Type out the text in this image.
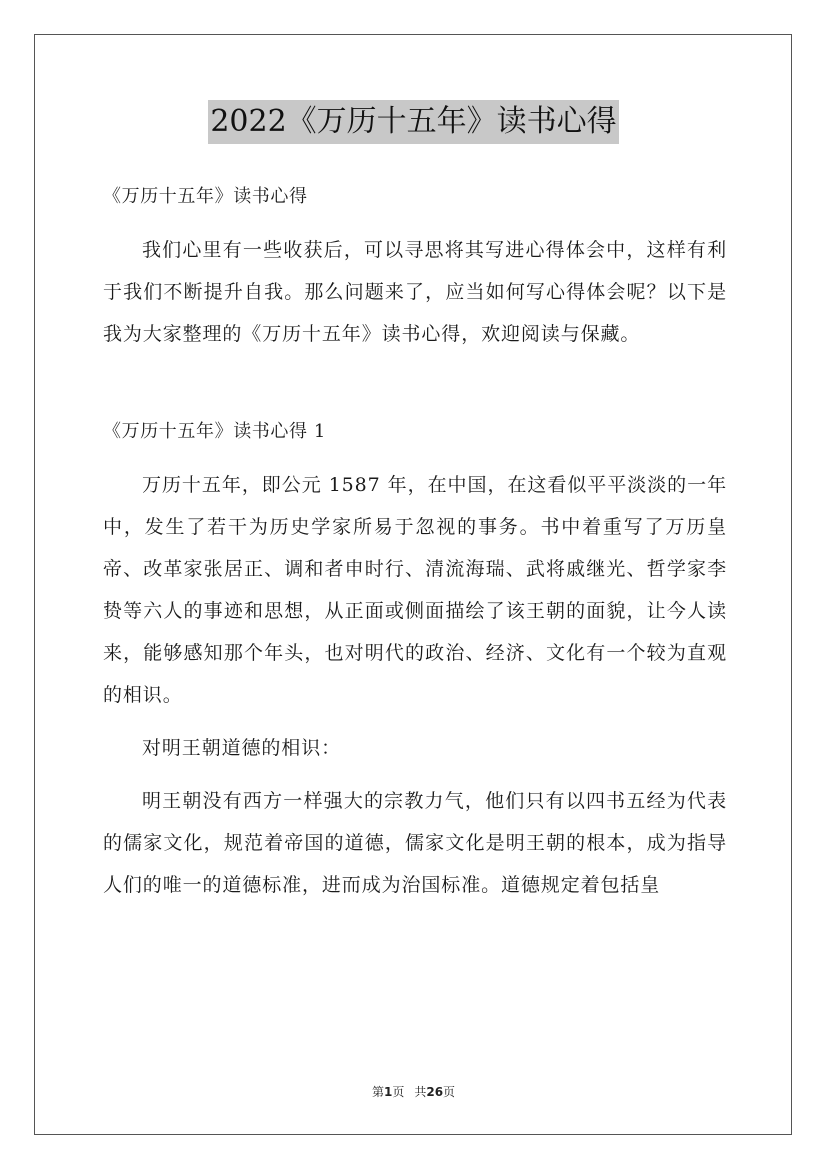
2022《万历十五年》读书心得

《万历十五年》读书心得

我们心里有一些收获后，可以寻思将其写进心得体会中，这样有利于我们不断提升自我。那么问题来了，应当如何写心得体会呢？以下是我为大家整理的《万历十五年》读书心得，欢迎阅读与保藏。

《万历十五年》读书心得 1

万历十五年，即公元 1587 年，在中国，在这看似平平淡淡的一年中，发生了若干为历史学家所易于忽视的事务。书中着重写了万历皇帝、改革家张居正、调和者申时行、清流海瑞、武将戚继光、哲学家李贽等六人的事迹和思想，从正面或侧面描绘了该王朝的面貌，让今人读来，能够感知那个年头，也对明代的政治、经济、文化有一个较为直观的相识。

对明王朝道德的相识：

明王朝没有西方一样强大的宗教力气，他们只有以四书五经为代表的儒家文化，规范着帝国的道德，儒家文化是明王朝的根本，成为指导人们的唯一的道德标准，进而成为治国标准。道德规定着包括皇

第1页 共26页
